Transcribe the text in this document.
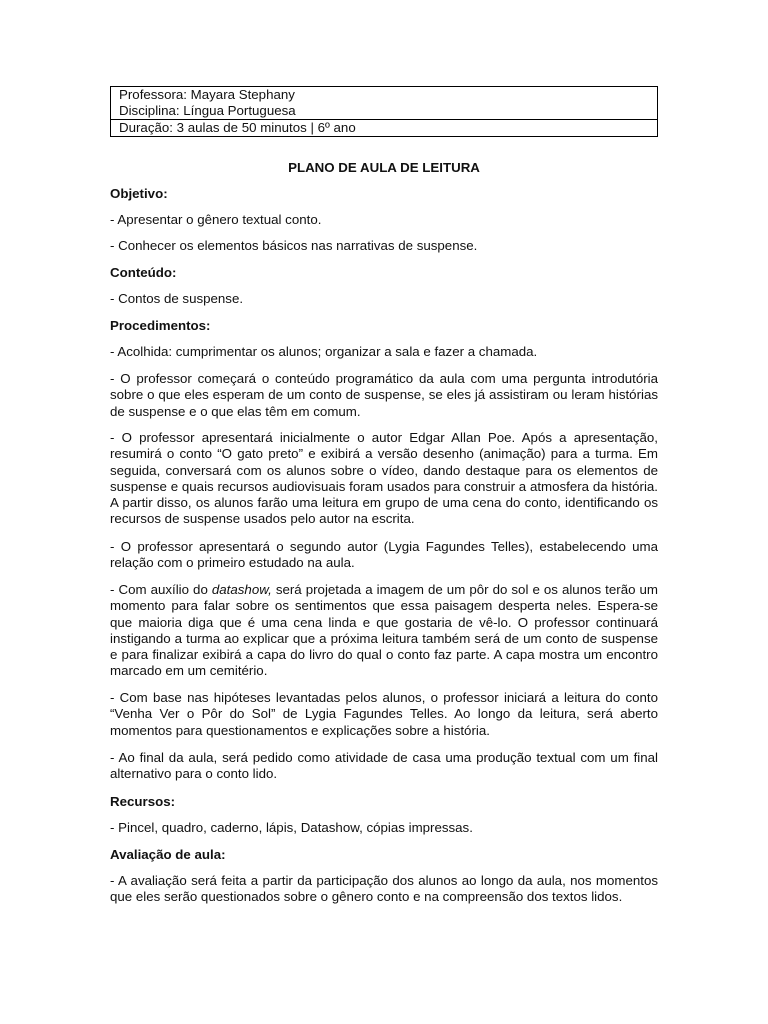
Professora: Mayara Stephany
Disciplina: Língua Portuguesa
Duração: 3 aulas de 50 minutos | 6º ano
PLANO DE AULA DE LEITURA

Objetivo:

- Apresentar o gênero textual conto.

- Conhecer os elementos básicos nas narrativas de suspense.

Conteúdo:

- Contos de suspense.

Procedimentos:

- Acolhida: cumprimentar os alunos; organizar a sala e fazer a chamada.

- O professor começará o conteúdo programático da aula com uma pergunta introdutória sobre o que eles esperam de um conto de suspense, se eles já assistiram ou leram histórias de suspense e o que elas têm em comum.

- O professor apresentará inicialmente o autor Edgar Allan Poe. Após a apresentação, resumirá o conto “O gato preto” e exibirá a versão desenho (animação) para a turma. Em seguida, conversará com os alunos sobre o vídeo, dando destaque para os elementos de suspense e quais recursos audiovisuais foram usados para construir a atmosfera da história. A partir disso, os alunos farão uma leitura em grupo de uma cena do conto, identificando os recursos de suspense usados pelo autor na escrita.

- O professor apresentará o segundo autor (Lygia Fagundes Telles), estabelecendo uma relação com o primeiro estudado na aula.

- Com auxílio do datashow, será projetada a imagem de um pôr do sol e os alunos terão um momento para falar sobre os sentimentos que essa paisagem desperta neles. Espera-se que maioria diga que é uma cena linda e que gostaria de vê-lo. O professor continuará instigando a turma ao explicar que a próxima leitura também será de um conto de suspense e para finalizar exibirá a capa do livro do qual o conto faz parte. A capa mostra um encontro marcado em um cemitério.

- Com base nas hipóteses levantadas pelos alunos, o professor iniciará a leitura do conto “Venha Ver o Pôr do Sol” de Lygia Fagundes Telles. Ao longo da leitura, será aberto momentos para questionamentos e explicações sobre a história.

- Ao final da aula, será pedido como atividade de casa uma produção textual com um final alternativo para o conto lido.

Recursos:

- Pincel, quadro, caderno, lápis, Datashow, cópias impressas.

Avaliação de aula:

- A avaliação será feita a partir da participação dos alunos ao longo da aula, nos momentos que eles serão questionados sobre o gênero conto e na compreensão dos textos lidos.
